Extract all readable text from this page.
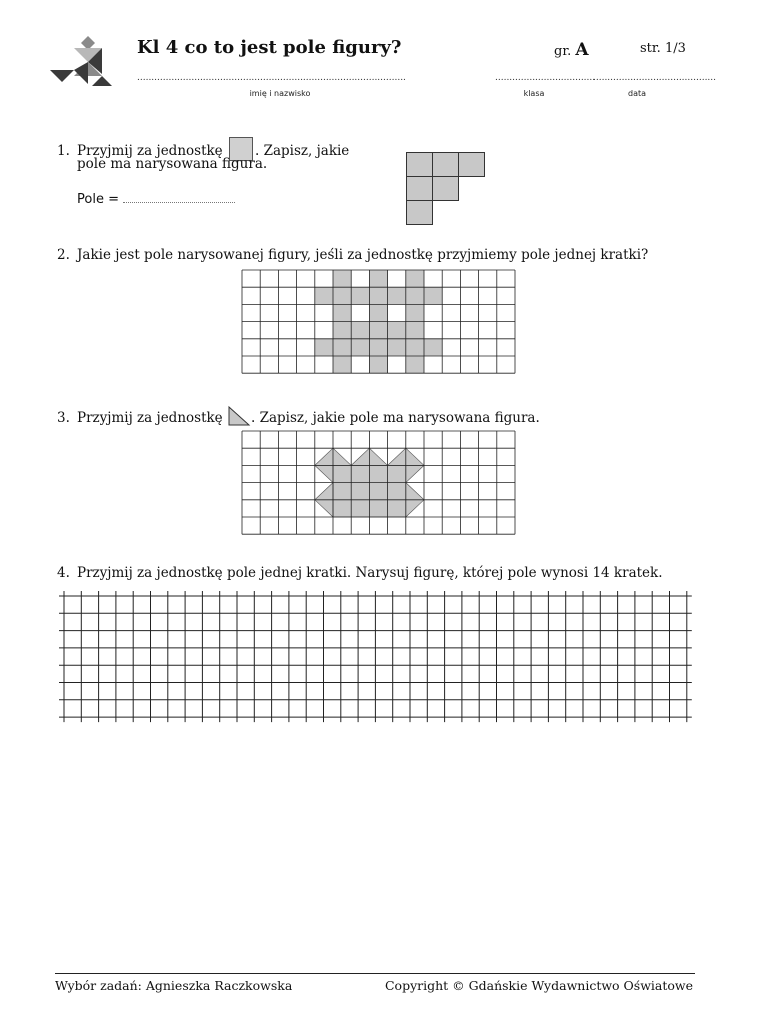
Kl 4 co to jest pole figury?	gr. A	str. 1/3
..............................................................................................	...................................
...........................................
imię i nazwisko	klasa	data
1. Przyjmij za jednostkę . Zapisz, jakie
pole ma narysowana figura.
Pole =
2. Jakie jest pole narysowanej figury, jeśli za jednostkę przyjmiemy pole jednej kratki?
3. Przyjmij za jednostkę . Zapisz, jakie pole ma narysowana figura.
4. Przyjmij za jednostkę pole jednej kratki. Narysuj figurę, której pole wynosi 14 kratek.
Wybór zadań: Agnieszka Raczkowska	Copyright © Gdańskie Wydawnictwo Oświatowe
